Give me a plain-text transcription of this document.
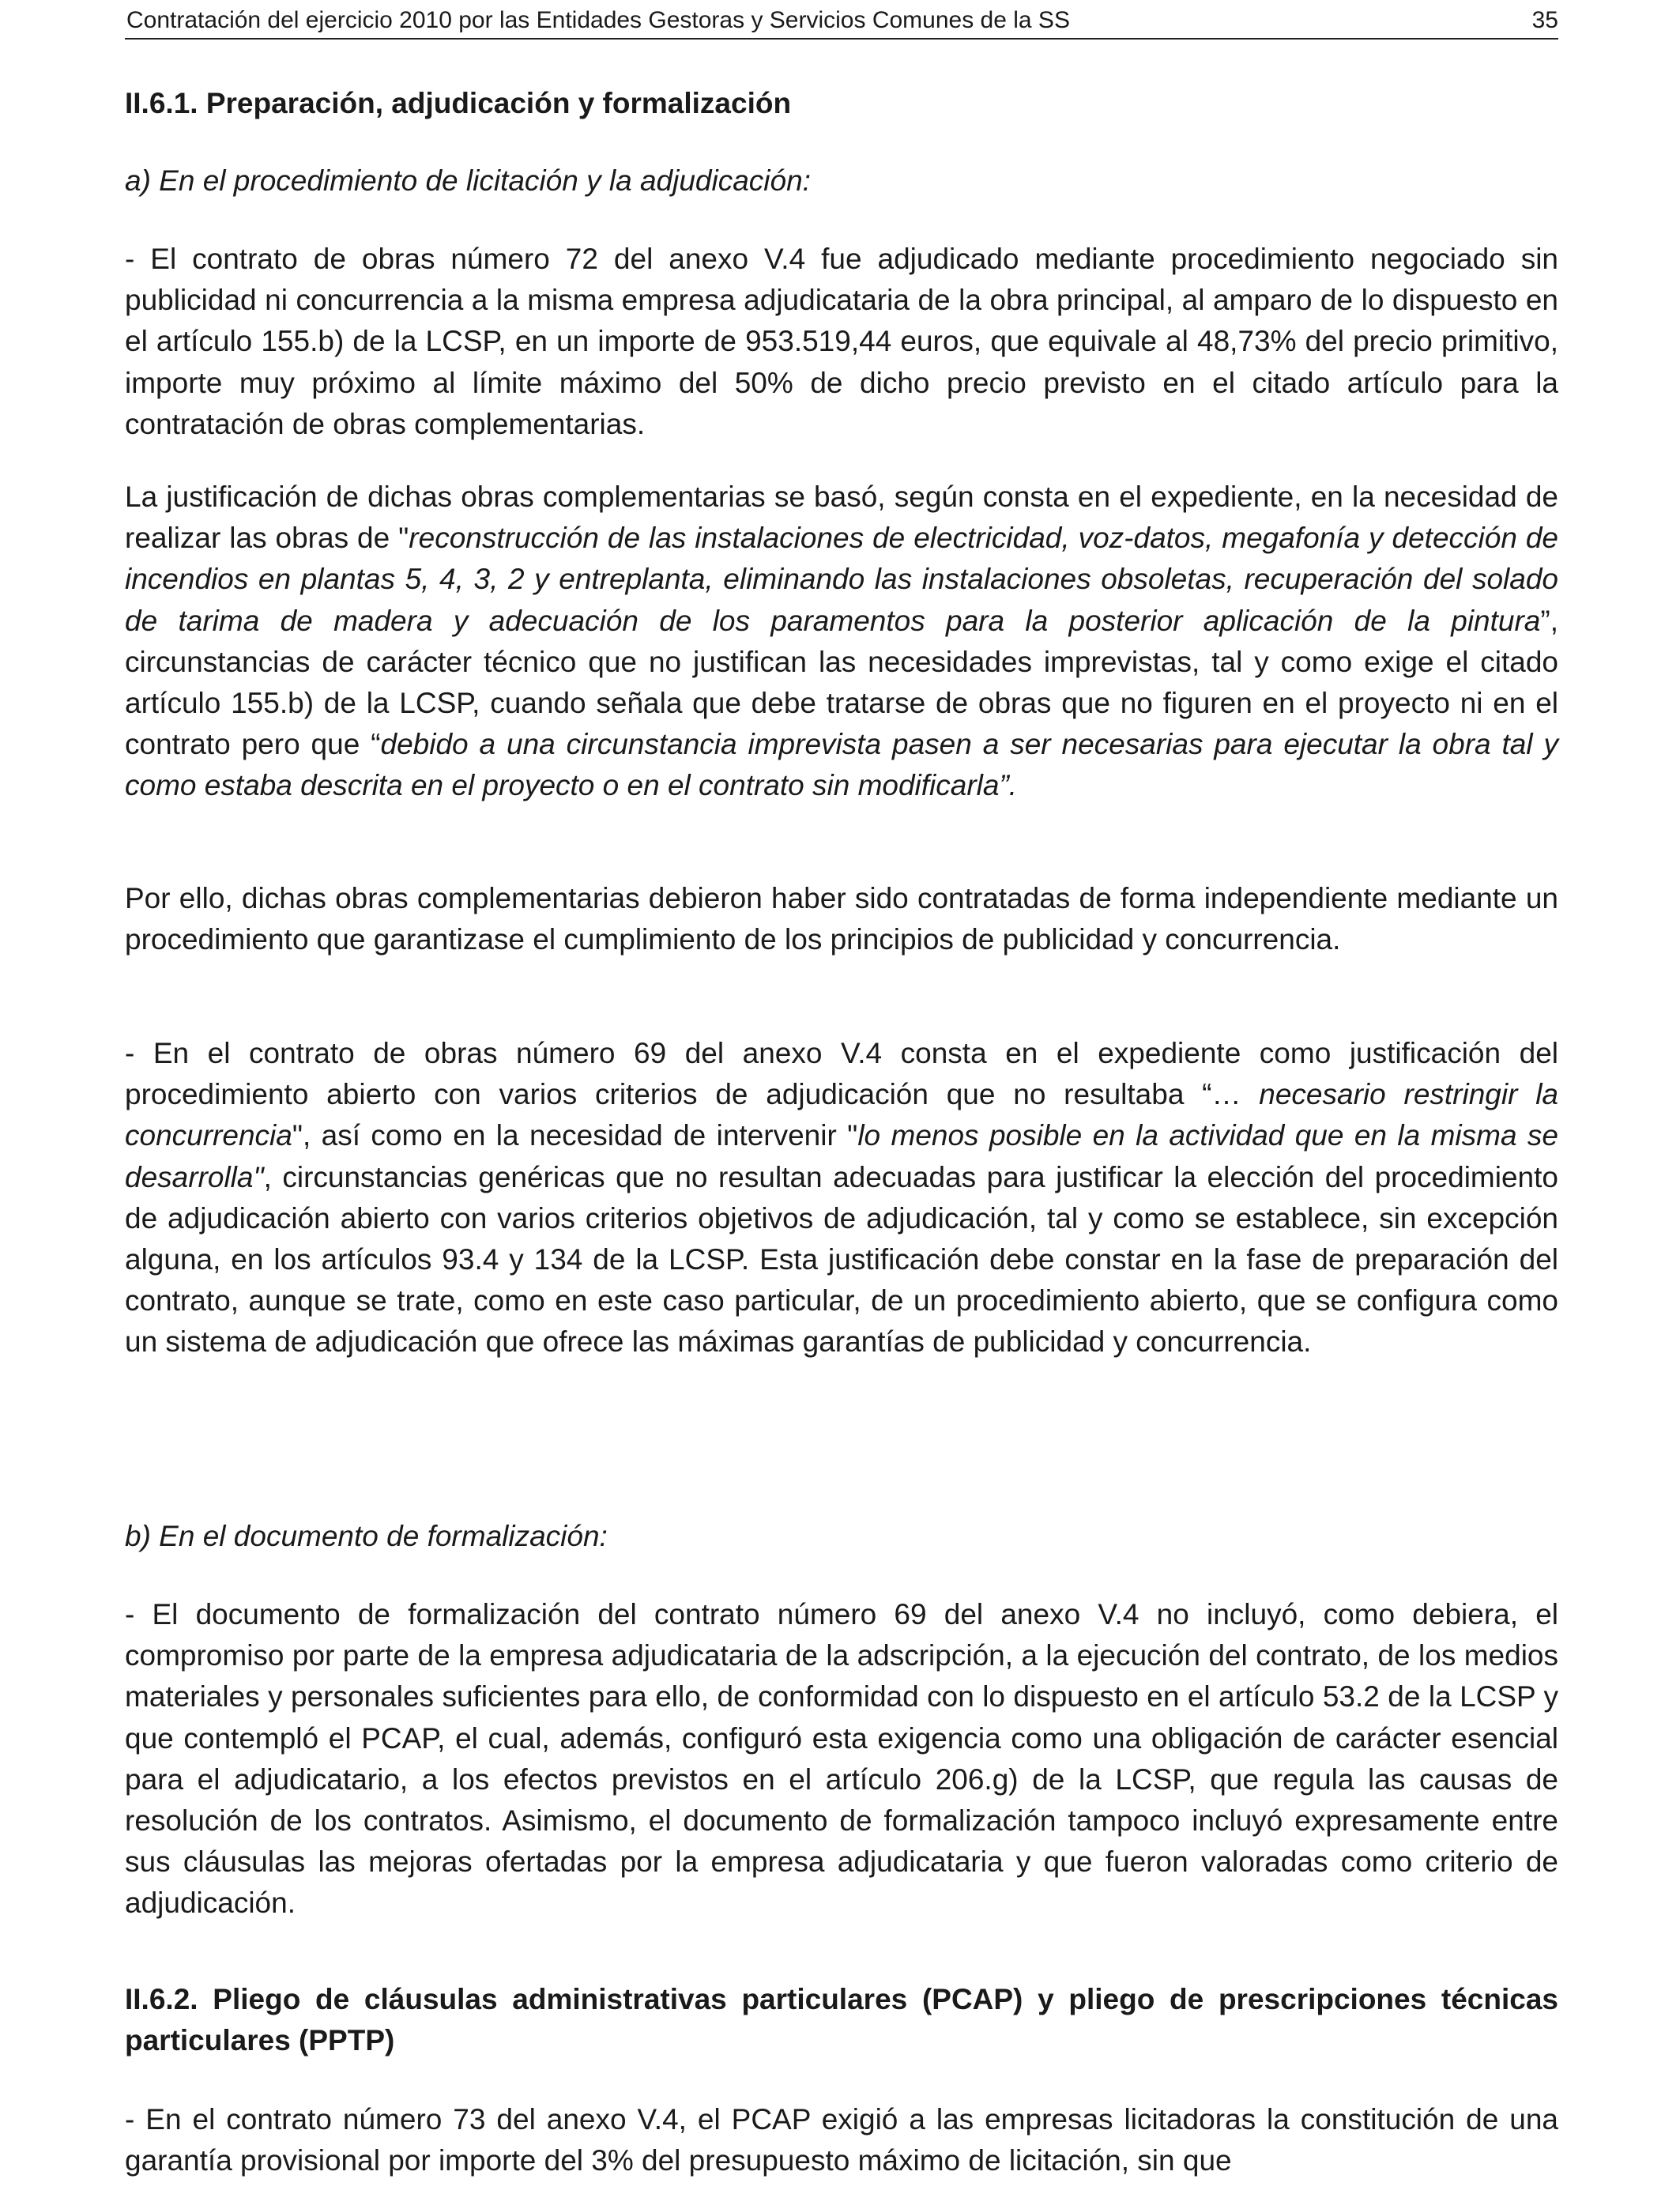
Contratación del ejercicio 2010 por las Entidades Gestoras y Servicios Comunes de la SS	35
II.6.1. Preparación, adjudicación y formalización
a) En el procedimiento de licitación y la adjudicación:

- El contrato de obras número 72 del anexo V.4 fue adjudicado mediante procedimiento negociado sin publicidad ni concurrencia a la misma empresa adjudicataria de la obra principal, al amparo de lo dispuesto en el artículo 155.b) de la LCSP, en un importe de 953.519,44 euros, que equivale al 48,73% del precio primitivo, importe muy próximo al límite máximo del 50% de dicho precio previsto en el citado artículo para la contratación de obras complementarias.

La justificación de dichas obras complementarias se basó, según consta en el expediente, en la necesidad de realizar las obras de "reconstrucción de las instalaciones de electricidad, voz-datos, megafonía y detección de incendios en plantas 5, 4, 3, 2 y entreplanta, eliminando las instalaciones obsoletas, recuperación del solado de tarima de madera y adecuación de los paramentos para la posterior aplicación de la pintura”, circunstancias de carácter técnico que no justifican las necesidades imprevistas, tal y como exige el citado artículo 155.b) de la LCSP, cuando señala que debe tratarse de obras que no figuren en el proyecto ni en el contrato pero que “debido a una circunstancia imprevista pasen a ser necesarias para ejecutar la obra tal y como estaba descrita en el proyecto o en el contrato sin modificarla”.

Por ello, dichas obras complementarias debieron haber sido contratadas de forma independiente mediante un procedimiento que garantizase el cumplimiento de los principios de publicidad y concurrencia.

- En el contrato de obras número 69 del anexo V.4 consta en el expediente como justificación del procedimiento abierto con varios criterios de adjudicación que no resultaba “… necesario restringir la concurrencia", así como en la necesidad de intervenir "lo menos posible en la actividad que en la misma se desarrolla", circunstancias genéricas que no resultan adecuadas para justificar la elección del procedimiento de adjudicación abierto con varios criterios objetivos de adjudicación, tal y como se establece, sin excepción alguna, en los artículos 93.4 y 134 de la LCSP. Esta justificación debe constar en la fase de preparación del contrato, aunque se trate, como en este caso particular, de un procedimiento abierto, que se configura como un sistema de adjudicación que ofrece las máximas garantías de publicidad y concurrencia.

b) En el documento de formalización:

- El documento de formalización del contrato número 69 del anexo V.4 no incluyó, como debiera, el compromiso por parte de la empresa adjudicataria de la adscripción, a la ejecución del contrato, de los medios materiales y personales suficientes para ello, de conformidad con lo dispuesto en el artículo 53.2 de la LCSP y que contempló el PCAP, el cual, además, configuró esta exigencia como una obligación de carácter esencial para el adjudicatario, a los efectos previstos en el artículo 206.g) de la LCSP, que regula las causas de resolución de los contratos. Asimismo, el documento de formalización tampoco incluyó expresamente entre sus cláusulas las mejoras ofertadas por la empresa adjudicataria y que fueron valoradas como criterio de adjudicación.

II.6.2. Pliego de cláusulas administrativas particulares (PCAP) y pliego de prescripciones técnicas particulares (PPTP)

- En el contrato número 73 del anexo V.4, el PCAP exigió a las empresas licitadoras la constitución de una garantía provisional por importe del 3% del presupuesto máximo de licitación, sin que
